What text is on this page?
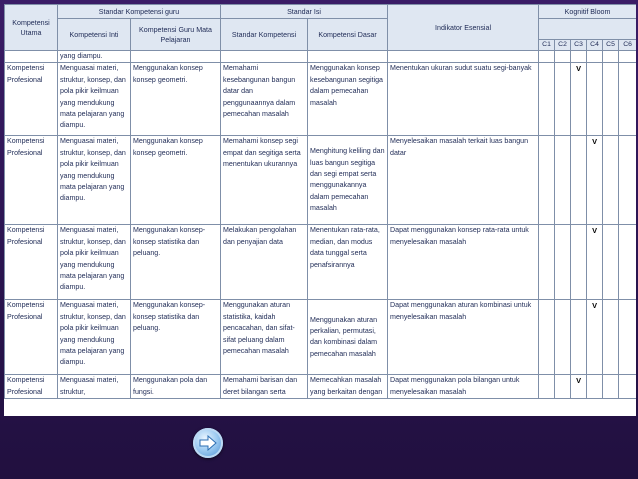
Kompetensi Utama	Standar Kompetensi guru		Standar Isi		Indikator Esensial	Kognitif Bloom					
	Kompetensi Inti	Kompetensi Guru Mata Pelajaran	Standar Kompetensi	Kompetensi Dasar							
						C1	C2	C3	C4	C5	C6
	yang diampu.										
Kompetensi Profesional	Menguasai materi, struktur, konsep, dan pola pikir keilmuan yang mendukung mata pelajaran yang diampu.	Menggunakan konsep konsep geometri.	Memahami kesebangunan bangun datar dan penggunaannya dalam pemecahan masalah	Menggunakan konsep kesebangunan segitiga dalam pemecahan masalah	Menentukan ukuran sudut suatu segi-banyak			V			
Kompetensi Profesional	Menguasai materi, struktur, konsep, dan pola pikir keilmuan yang mendukung mata pelajaran yang diampu.	Menggunakan konsep konsep geometri.	Memahami konsep segi empat dan segitiga serta menentukan ukurannya	Menghitung keliling dan luas bangun segitiga dan segi empat serta menggunakannya dalam pemecahan masalah	Menyelesaikan masalah terkait luas bangun datar				V		
Kompetensi Profesional	Menguasai materi, struktur, konsep, dan pola pikir keilmuan yang mendukung mata pelajaran yang diampu.	Menggunakan konsep-konsep statistika dan peluang.	Melakukan pengolahan dan penyajian data	Menentukan rata-rata, median, dan modus data tunggal serta penafsirannya	Dapat menggunakan konsep rata-rata untuk menyelesaikan masalah				V		
Kompetensi Profesional	Menguasai materi, struktur, konsep, dan pola pikir keilmuan yang mendukung mata pelajaran yang diampu.	Menggunakan konsep-konsep statistika dan peluang.	Menggunakan aturan statistika, kaidah pencacahan, dan sifat-sifat peluang dalam pemecahan masalah	Menggunakan aturan perkalian, permutasi, dan kombinasi dalam pemecahan masalah	Dapat menggunakan aturan kombinasi untuk menyelesaikan masalah				V		
Kompetensi Profesional	Menguasai materi, struktur,	Menggunakan pola dan fungsi.	Memahami barisan dan deret bilangan serta	Memecahkan masalah yang berkaitan dengan	Dapat menggunakan pola bilangan untuk menyelesaikan masalah			V			
